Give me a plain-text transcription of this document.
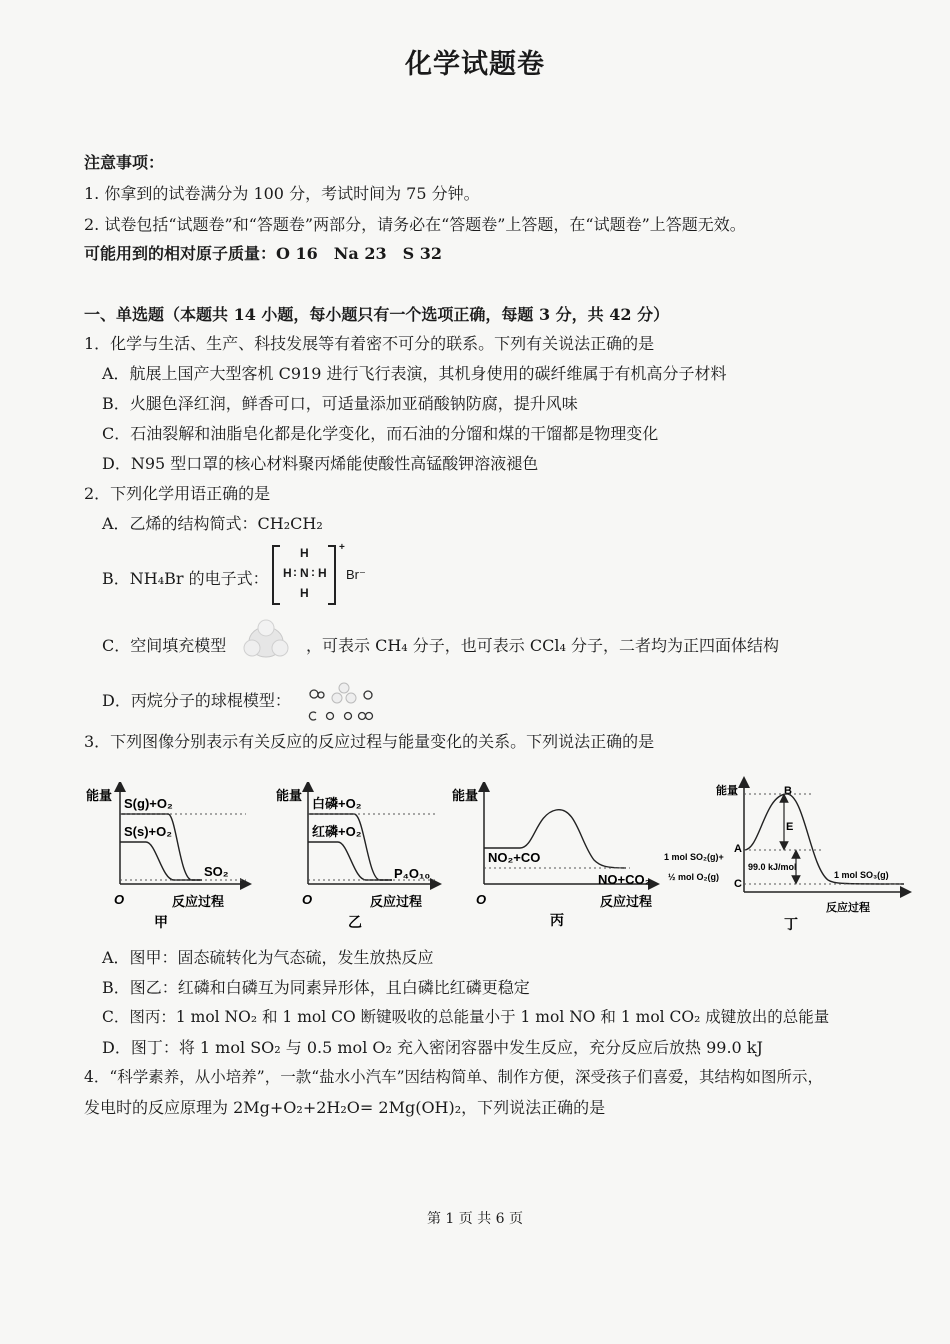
化学试题卷
注意事项：
1. 你拿到的试卷满分为 100 分，考试时间为 75 分钟。
2. 试卷包括“试题卷”和“答题卷”两部分，请务必在“答题卷”上答题，在“试题卷”上答题无效。
可能用到的相对原子质量：O 16　Na 23　S 32
一、单选题（本题共 14 小题，每小题只有一个选项正确，每题 3 分，共 42 分）
1．化学与生活、生产、科技发展等有着密不可分的联系。下列有关说法正确的是
A．航展上国产大型客机 C919 进行飞行表演，其机身使用的碳纤维属于有机高分子材料
B．火腿色泽红润，鲜香可口，可适量添加亚硝酸钠防腐，提升风味
C．石油裂解和油脂皂化都是化学变化，而石油的分馏和煤的干馏都是物理变化
D．N95 型口罩的核心材料聚丙烯能使酸性高锰酸钾溶液褪色
2．下列化学用语正确的是
A．乙烯的结构简式：CH₂CH₂
B．NH₄Br 的电子式：
H
H : N : H
H
+
Br⁻
C．空间填充模型	，可表示 CH₄ 分子，也可表示 CCl₄ 分子，二者均为正四面体结构
D．丙烷分子的球棍模型：
3．下列图像分别表示有关反应的反应过程与能量变化的关系。下列说法正确的是
能量
O	反应过程
甲
S(g)+O₂
S(s)+O₂
SO₂
能量
O	反应过程
乙
白磷+O₂
红磷+O₂
P₄O₁₀
能量
O	反应过程
丙
NO₂+CO
NO+CO₂
能量
反应过程
丁
B
A
C
E
1 mol SO₂(g)+
½ mol O₂(g)
99.0 kJ/mol
1 mol SO₃(g)
A．图甲：固态硫转化为气态硫，发生放热反应
B．图乙：红磷和白磷互为同素异形体，且白磷比红磷更稳定
C．图丙：1 mol NO₂ 和 1 mol CO 断键吸收的总能量小于 1 mol NO 和 1 mol CO₂ 成键放出的总能量
D．图丁：将 1 mol SO₂ 与 0.5 mol O₂ 充入密闭容器中发生反应，充分反应后放热 99.0 kJ
4．“科学素养，从小培养”，一款“盐水小汽车”因结构简单、制作方便，深受孩子们喜爱，其结构如图所示，
发电时的反应原理为 2Mg+O₂+2H₂O= 2Mg(OH)₂，下列说法正确的是
第 1 页 共 6 页
